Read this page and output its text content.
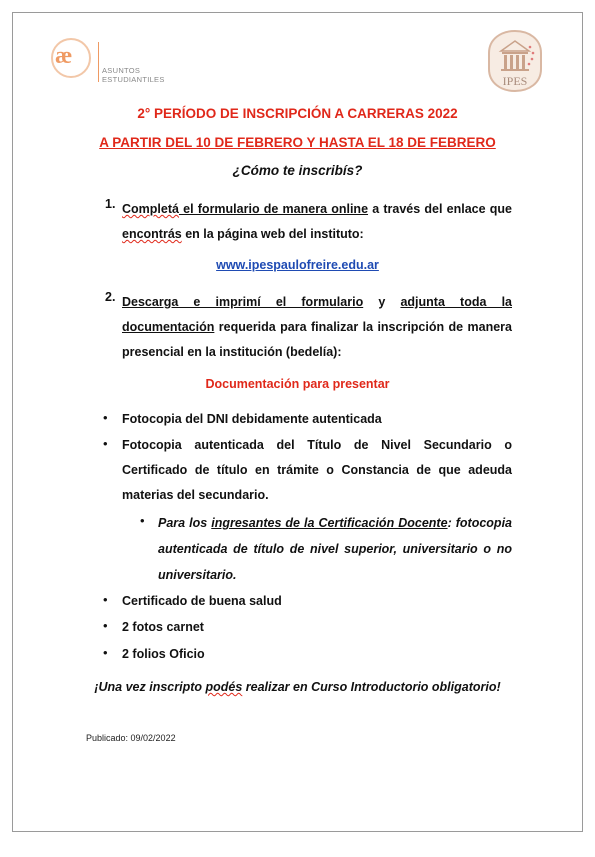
æ
ASUNTOS
ESTUDIANTILES	IPES
2° PERÍODO DE INSCRIPCIÓN A CARRERAS 2022
A PARTIR DEL 10 DE FEBRERO Y HASTA EL 18 DE FEBRERO
¿Cómo te inscribís?
1. Completá el formulario de manera online a través del enlace que encontrás en la página web del instituto:
www.ipespaulofreire.edu.ar
2. Descarga e imprimí el formulario y adjunta toda la documentación requerida para finalizar la inscripción de manera presencial en la institución (bedelía):
Documentación para presentar
• Fotocopia del DNI debidamente autenticada
• Fotocopia autenticada del Título de Nivel Secundario o Certificado de título en trámite o Constancia de que adeuda materias del secundario.
• Para los ingresantes de la Certificación Docente: fotocopia autenticada de título de nivel superior, universitario o no universitario.
• Certificado de buena salud
• 2 fotos carnet
• 2 folios Oficio
¡Una vez inscripto podés realizar en Curso Introductorio obligatorio!
Publicado: 09/02/2022
